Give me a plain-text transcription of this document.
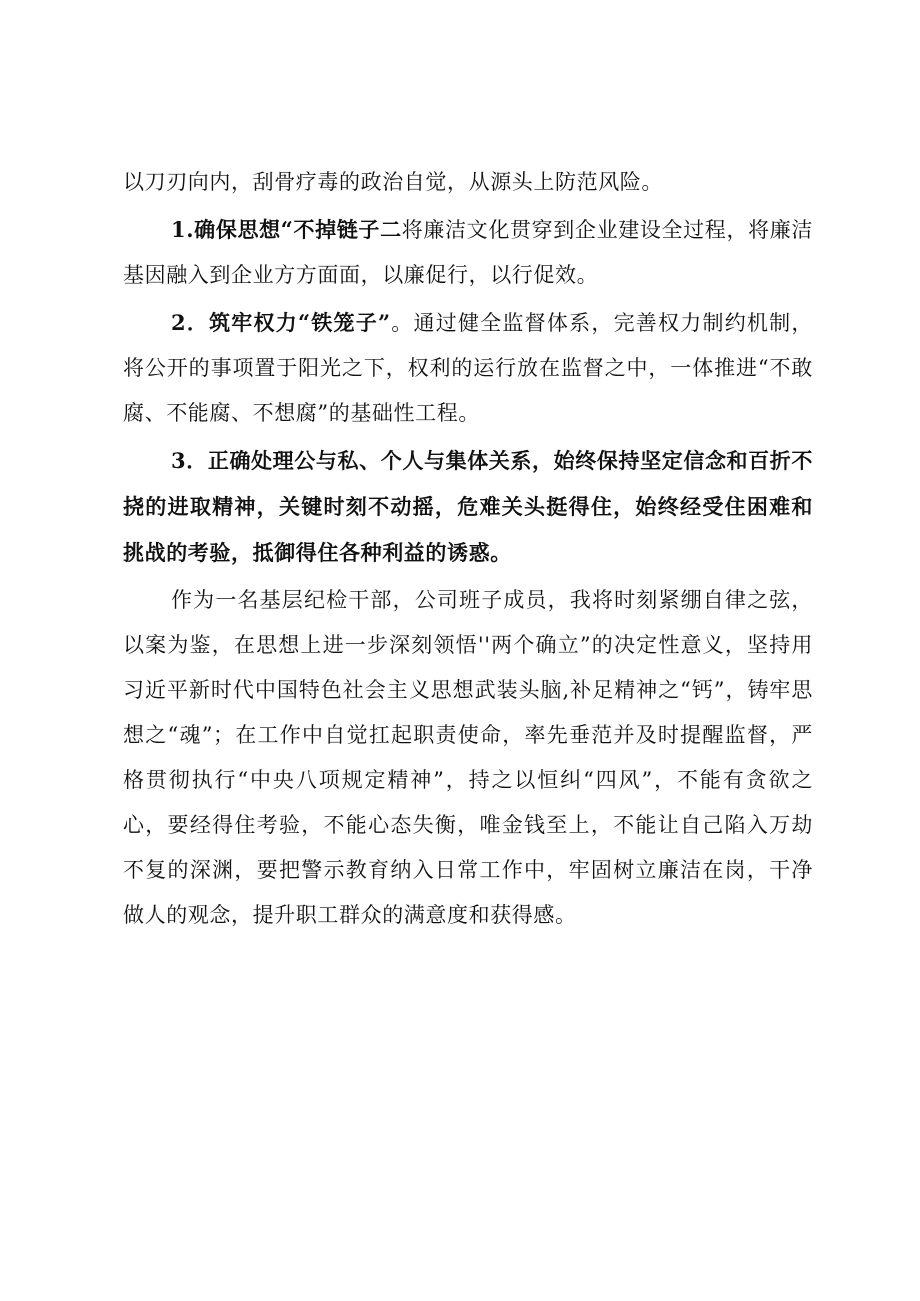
以刀刃向内，刮骨疗毒的政治自觉，从源头上防范风险。

1.确保思想“不掉链子二将廉洁文化贯穿到企业建设全过程，将廉洁基因融入到企业方方面面，以廉促行，以行促效。

2．筑牢权力“铁笼子”。通过健全监督体系，完善权力制约机制，将公开的事项置于阳光之下，权利的运行放在监督之中，一体推进“不敢腐、不能腐、不想腐”的基础性工程。

3．正确处理公与私、个人与集体关系，始终保持坚定信念和百折不挠的进取精神，关键时刻不动摇，危难关头挺得住，始终经受住困难和挑战的考验，抵御得住各种利益的诱惑。

作为一名基层纪检干部，公司班子成员，我将时刻紧绷自律之弦，以案为鉴，在思想上进一步深刻领悟''两个确立”的决定性意义，坚持用习近平新时代中国特色社会主义思想武装头脑,补足精神之“钙”，铸牢思想之“魂”；在工作中自觉扛起职责使命，率先垂范并及时提醒监督，严格贯彻执行“中央八项规定精神”，持之以恒纠“四风”，不能有贪欲之心，要经得住考验，不能心态失衡，唯金钱至上，不能让自己陷入万劫不复的深渊，要把警示教育纳入日常工作中，牢固树立廉洁在岗，干净做人的观念，提升职工群众的满意度和获得感。
